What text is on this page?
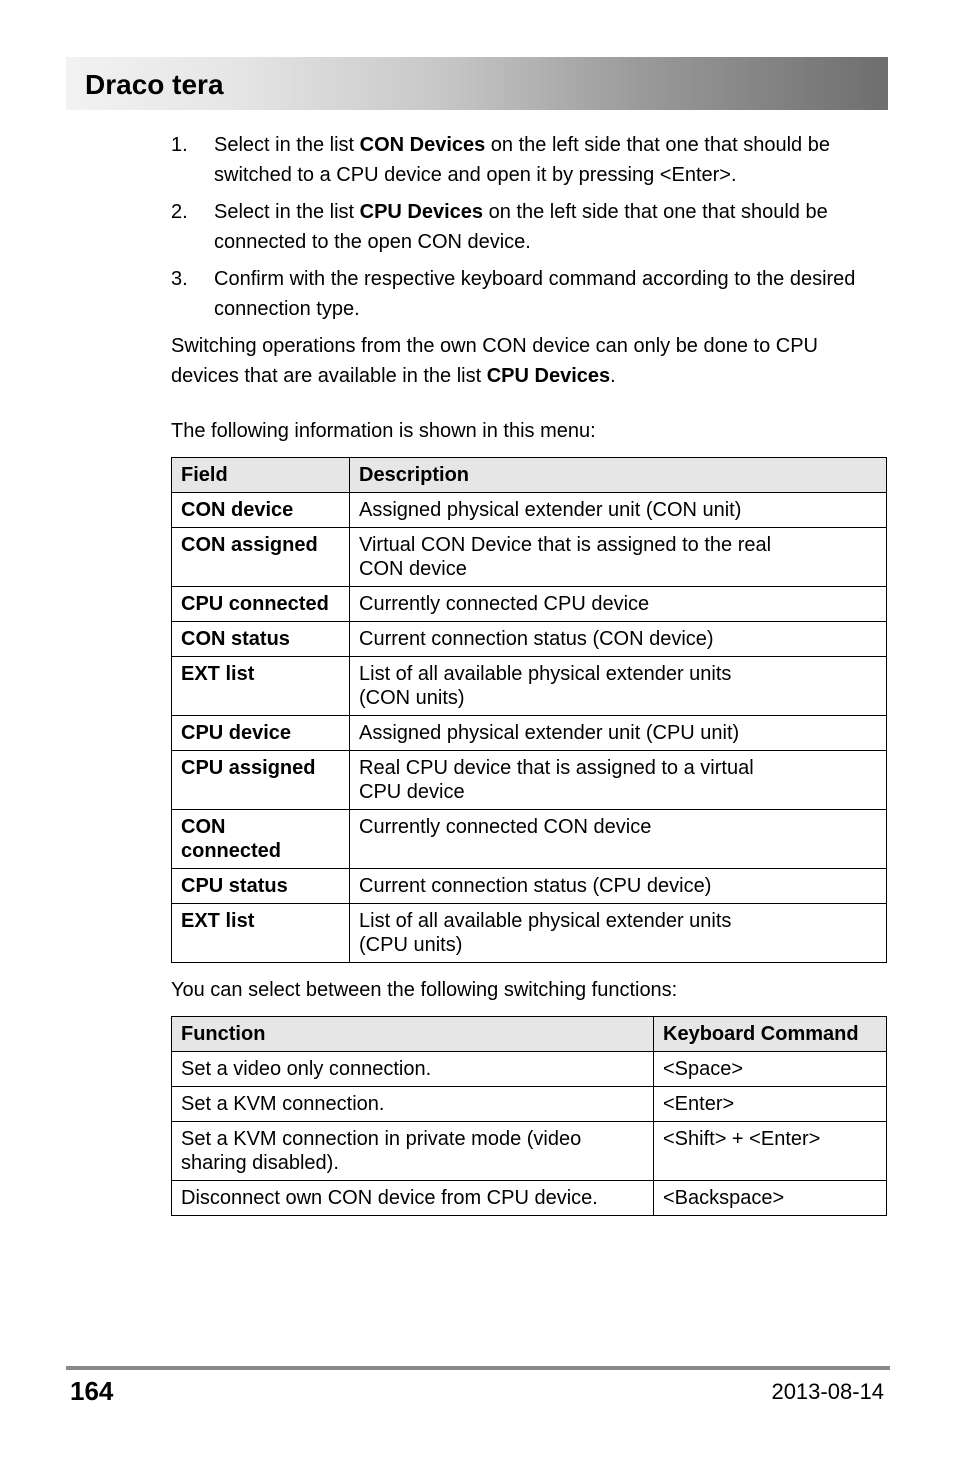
Draco tera
1. Select in the list CON Devices on the left side that one that should be switched to a CPU device and open it by pressing <Enter>.
2. Select in the list CPU Devices on the left side that one that should be connected to the open CON device.
3. Confirm with the respective keyboard command according to the desired connection type.
Switching operations from the own CON device can only be done to CPU devices that are available in the list CPU Devices.
The following information is shown in this menu:
Field	Description
CON device	Assigned physical extender unit (CON unit)
CON assigned	Virtual CON Device that is assigned to the real CON device
CPU connected	Currently connected CPU device
CON status	Current connection status (CON device)
EXT list	List of all available physical extender units (CON units)
CPU device	Assigned physical extender unit (CPU unit)
CPU assigned	Real CPU device that is assigned to a virtual CPU device
CON connected	Currently connected CON device
CPU status	Current connection status (CPU device)
EXT list	List of all available physical extender units (CPU units)
You can select between the following switching functions:
Function	Keyboard Command
Set a video only connection.	<Space>
Set a KVM connection.	<Enter>
Set a KVM connection in private mode (video sharing disabled).	<Shift> + <Enter>
Disconnect own CON device from CPU device.	<Backspace>
164	2013-08-14
